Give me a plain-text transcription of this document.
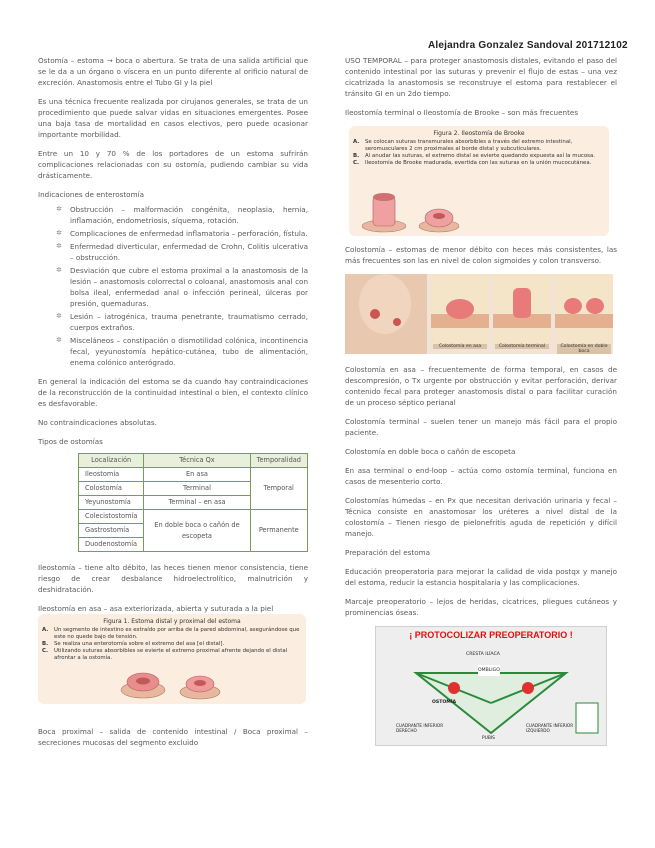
Alejandra Gonzalez Sandoval 201712102

Ostomía – estoma → boca o abertura. Se trata de una salida artificial que se le da a un órgano o víscera en un punto diferente al orificio natural de excreción. Anastomosis entre el Tubo GI y la piel

Es una técnica frecuente realizada por cirujanos generales, se trata de un procedimiento que puede salvar vidas en situaciones emergentes. Posee una baja tasa de mortalidad en casos electivos, pero puede ocasionar importante morbilidad.

Entre un 10 y 70 % de los portadores de un estoma sufrirán complicaciones relacionadas con su ostomía, pudiendo cambiar su vida drásticamente.

Indicaciones de enterostomía

✲ Obstrucción – malformación congénita, neoplasia, hernia, inflamación, endometriosis, síquema, rotación.
✲ Complicaciones de enfermedad inflamatoria – perforación, fístula.
✲ Enfermedad diverticular, enfermedad de Crohn, Colitis ulcerativa – obstrucción.
✲ Desviación que cubre el estoma proximal a la anastomosis de la lesión – anastomosis colorrectal o coloanal, anastomosis anal con bolsa ileal, enfermedad anal o infección perineal, úlceras por presión, quemaduras.
✲ Lesión – iatrogénica, trauma penetrante, traumatismo cerrado, cuerpos extraños.
✲ Misceláneos – constipación o dismotilidad colónica, incontinencia fecal, yeyunostomía hepático-cutánea, tubo de alimentación, enema colónico anterógrado.

En general la indicación del estoma se da cuando hay contraindicaciones de la reconstrucción de la continuidad intestinal o bien, el contexto clínico es desfavorable.

No contraindicaciones absolutas.

Tipos de ostomías

Localización	Técnica Qx	Temporalidad
Ileostomía	En asa	Temporal
Colostomía	Terminal	
Yeyunostomía	Terminal – en asa	
Colecistostomía	En doble boca o cañón de escopeta	Permanente
Gastrostomía		
Duodenostomía		

Ileostomía – tiene alto débito, las heces tienen menor consistencia, tiene riesgo de crear desbalance hidroelectrolítico, malnutrición y deshidratación.

Ileostomía en asa – asa exteriorizada, abierta y suturada a la piel

Figura 1. Estoma distal y proximal del estoma
A.	Un segmento de intestino es extraído por arriba de la pared abdominal, asegurándose que este no quede bajo de tensión.
B.	Se realiza una enterotomía sobre el extremo del asa [el distal].
C.	Utilizando suturas absorbibles se evierte el extremo proximal afrente dejando el distal afrontar a la ostomía.

Boca proximal – salida de contenido intestinal / Boca proximal – secreciones mucosas del segmento excluido

USO TEMPORAL – para proteger anastomosis distales, evitando el paso del contenido intestinal por las suturas y prevenir el flujo de estas – una vez cicatrizada la anastomosis se reconstruye el estoma para restablecer el tránsito GI en un 2do tiempo.

Ileostomía terminal o Ileostomía de Brooke – son más frecuentes

Figura 2. Ileostomía de Brooke
A.	Se colocan suturas transmurales absorbibles a través del extremo intestinal, seromusculares 2 cm proximales al borde distal y subcuticulares.
B.	Al anudar las suturas, el extremo distal se evierte quedando expuesta así la mucosa.
C.	Ileostomía de Brooke madurada, evertida con las suturas en la unión mucocutánea.

Colostomía – estomas de menor débito con heces más consistentes, las más frecuentes son las en nivel de colon sigmoides y colon transverso.

Colostomía en asa	Colostomía terminal	Colostomía en doble boca

Colostomía en asa – frecuentemente de forma temporal, en casos de descompresión, o Tx urgente por obstrucción y evitar perforación, derivar contenido fecal para proteger anastomosis distal o para facilitar curación de un proceso séptico perianal

Colostomía terminal – suelen tener un manejo más fácil para el propio paciente.

Colostomía en doble boca o cañón de escopeta

En asa terminal o end-loop – actúa como ostomía terminal, funciona en casos de mesenterio corto.

Colostomías húmedas – en Px que necesitan derivación urinaria y fecal – Técnica consiste en anastomosar los uréteres a nivel distal de la colostomía – Tienen riesgo de pielonefritis aguda de repetición y difícil manejo.

Preparación del estoma

Educación preoperatoria para mejorar la calidad de vida postqx y manejo del estoma, reducir la estancia hospitalaria y las complicaciones.

Marcaje preoperatorio – lejos de heridas, cicatrices, pliegues cutáneos y prominencias óseas.

¡ PROTOCOLIZAR PREOPERATORIO !
CRESTA ILÍACA
OMBLIGO
OSTOMÍA
CUADRANTE INFERIOR DERECHO
PUBIS
CUADRANTE INFERIOR IZQUIERDO
